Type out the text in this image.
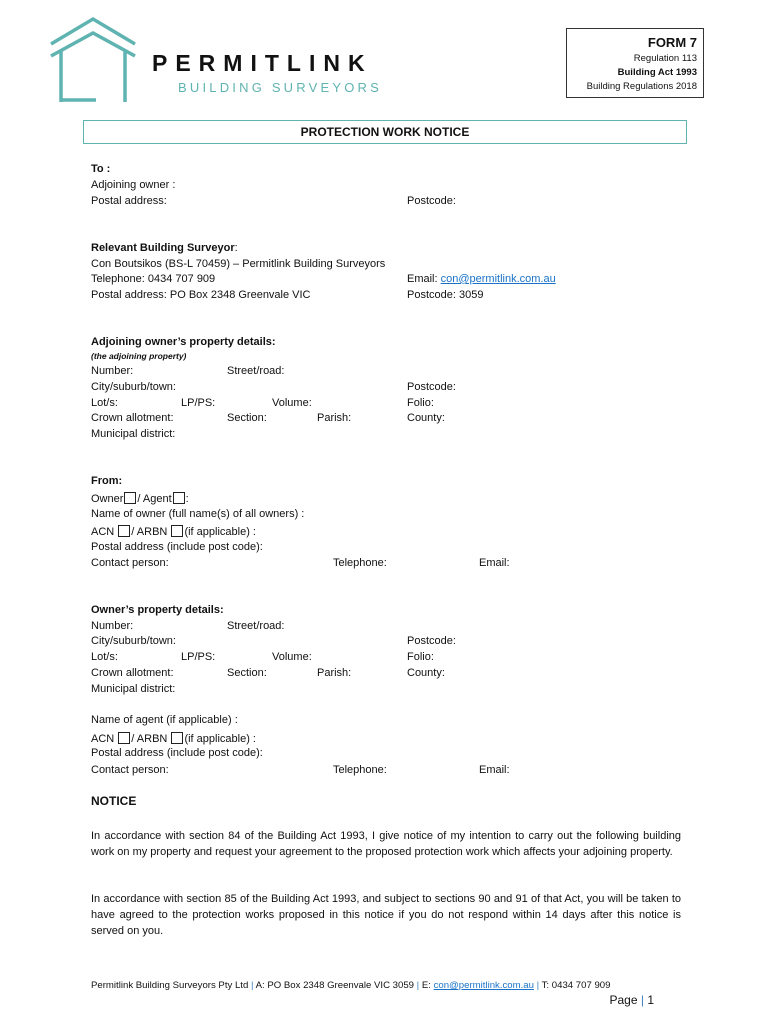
PERMITLINK
BUILDING SURVEYORS
FORM 7
Regulation 113
Building Act 1993
Building Regulations 2018
PROTECTION WORK NOTICE
To :
Adjoining owner :
Postal address:	Postcode:
Relevant Building Surveyor:
Con Boutsikos (BS-L 70459) – Permitlink Building Surveyors
Telephone: 0434 707 909	Email: con@permitlink.com.au
Postal address: PO Box 2348 Greenvale VIC	Postcode: 3059
Adjoining owner’s property details:
(the adjoining property)
Number:	Street/road:
City/suburb/town:	Postcode:
Lot/s:	LP/PS:	Volume:	Folio:
Crown allotment:	Section:	Parish:	County:
Municipal district:
From:
Owner / Agent :
Name of owner (full name(s) of all owners) :
ACN / ARBN (if applicable) :
Postal address (include post code):
Contact person:	Telephone:	Email:
Owner’s property details:
Number:	Street/road:
City/suburb/town:	Postcode:
Lot/s:	LP/PS:	Volume:	Folio:
Crown allotment:	Section:	Parish:	County:
Municipal district:
Name of agent (if applicable) :
ACN / ARBN (if applicable) :
Postal address (include post code):
Contact person:	Telephone:	Email:
NOTICE
In accordance with section 84 of the Building Act 1993, I give notice of my intention to carry out the following building work on my property and request your agreement to the proposed protection work which affects your adjoining property.
In accordance with section 85 of the Building Act 1993, and subject to sections 90 and 91 of that Act, you will be taken to have agreed to the protection works proposed in this notice if you do not respond within 14 days after this notice is served on you.
Permitlink Building Surveyors Pty Ltd | A: PO Box 2348 Greenvale VIC 3059 | E: con@permitlink.com.au | T: 0434 707 909
Page | 1
